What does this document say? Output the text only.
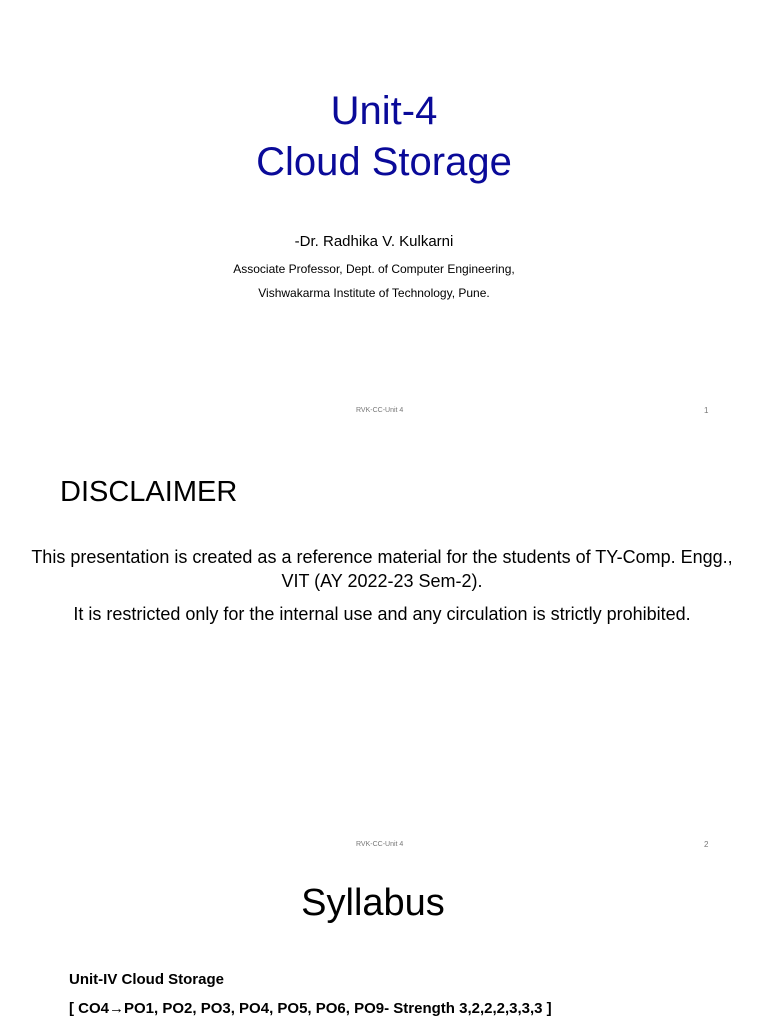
Unit-4
Cloud Storage
-Dr. Radhika V. Kulkarni
Associate Professor, Dept. of Computer Engineering,
Vishwakarma Institute of Technology, Pune.
RVK-CC-Unit 4	1
DISCLAIMER
This presentation is created as a reference material for the students of TY-Comp. Engg., VIT (AY 2022-23 Sem-2).
It is restricted only for the internal use and any circulation is strictly prohibited.
RVK-CC-Unit 4	2
Syllabus
Unit-IV Cloud Storage
[ CO4→PO1, PO2, PO3, PO4, PO5, PO6, PO9- Strength 3,2,2,2,3,3,3 ]
